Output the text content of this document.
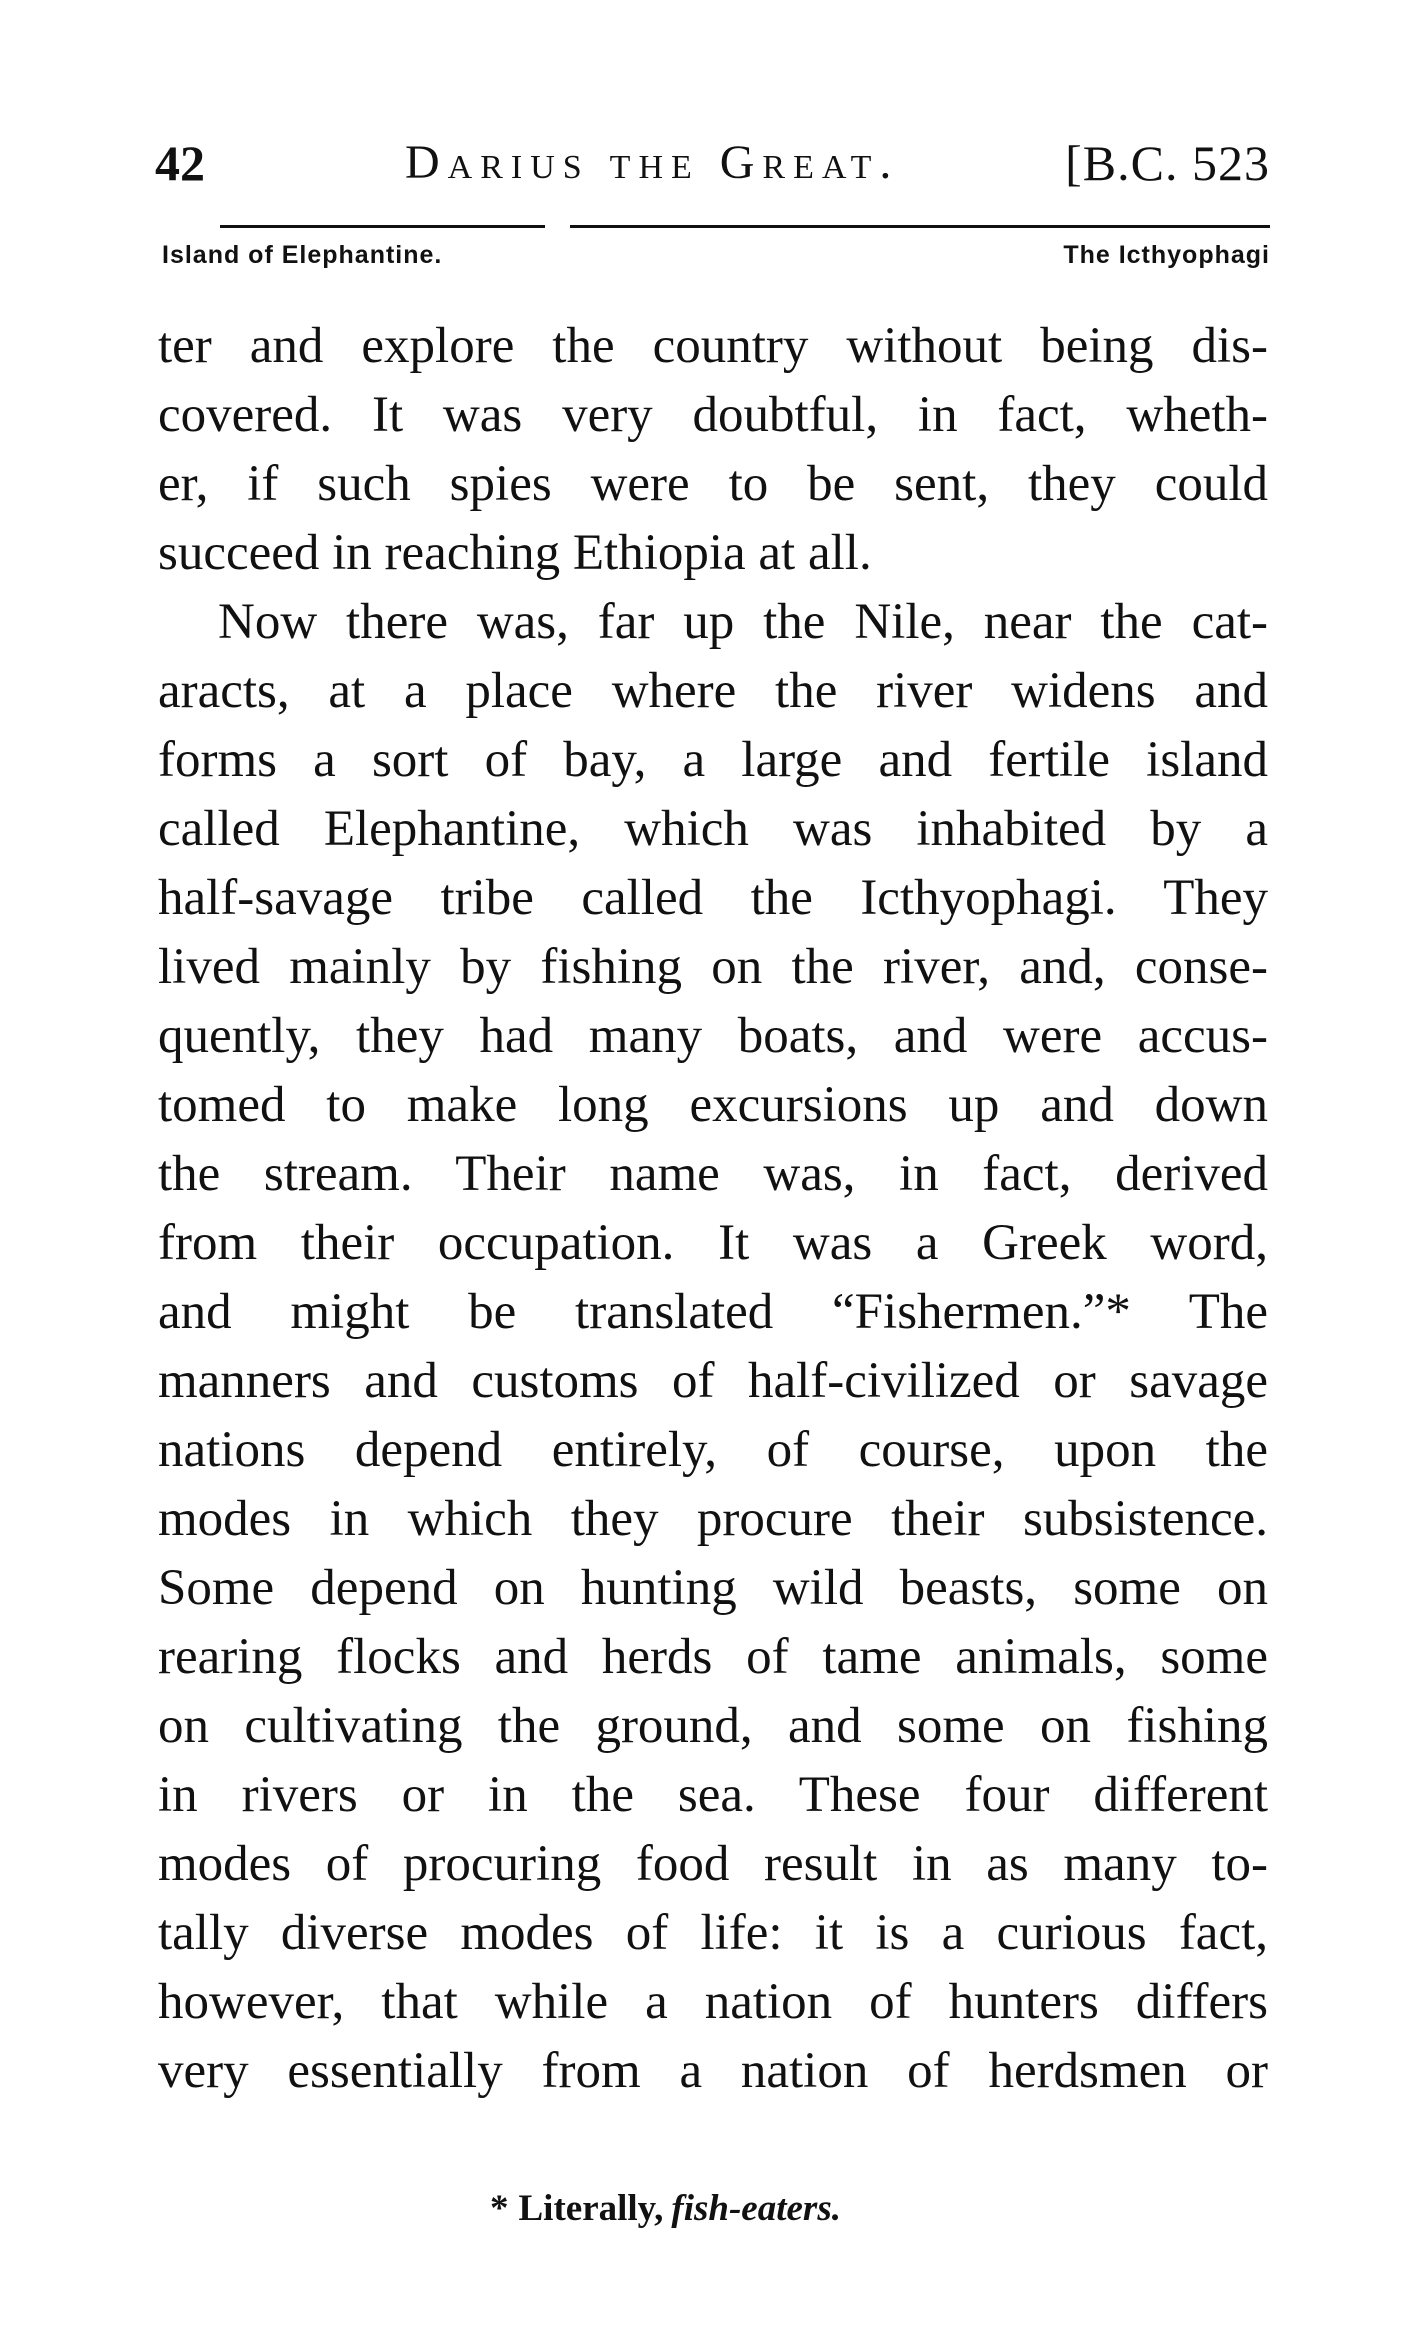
42	Darius the Great.	[B.C. 523
Island of Elephantine.	The Icthyophagi
ter and explore the country without being dis-
covered. It was very doubtful, in fact, wheth-
er, if such spies were to be sent, they could
succeed in reaching Ethiopia at all.
Now there was, far up the Nile, near the cat-
aracts, at a place where the river widens and
forms a sort of bay, a large and fertile island
called Elephantine, which was inhabited by a
half-savage tribe called the Icthyophagi. They
lived mainly by fishing on the river, and, conse-
quently, they had many boats, and were accus-
tomed to make long excursions up and down
the stream. Their name was, in fact, derived
from their occupation. It was a Greek word,
and might be translated “Fishermen.”* The
manners and customs of half-civilized or savage
nations depend entirely, of course, upon the
modes in which they procure their subsistence.
Some depend on hunting wild beasts, some on
rearing flocks and herds of tame animals, some
on cultivating the ground, and some on fishing
in rivers or in the sea. These four different
modes of procuring food result in as many to-
tally diverse modes of life: it is a curious fact,
however, that while a nation of hunters differs
very essentially from a nation of herdsmen or
* Literally, fish-eaters.
